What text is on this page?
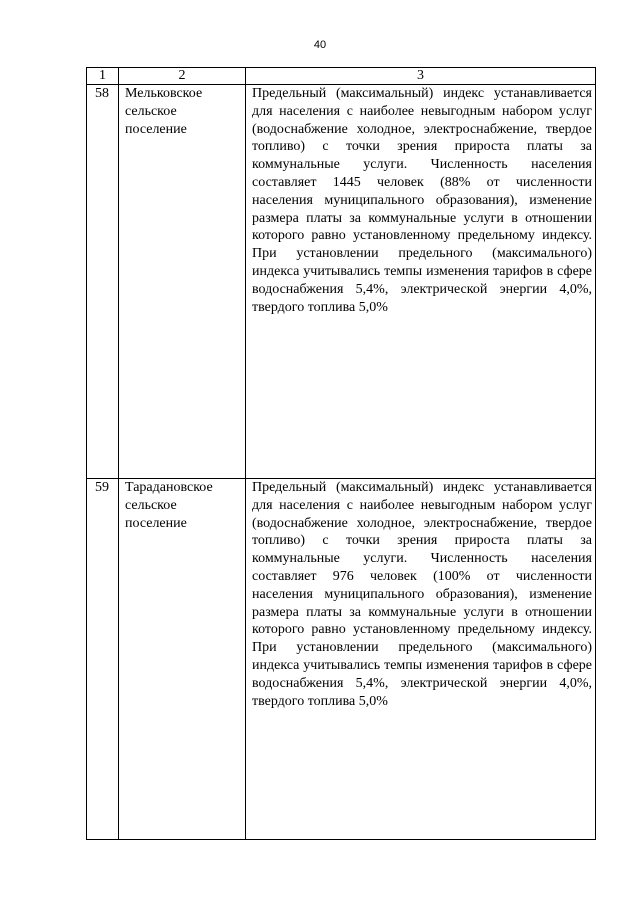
40
1	2	3
58	Мельковское сельское поселение	Предельный (максимальный) индекс устанавливается для населения с наиболее невыгодным набором услуг (водоснабжение холодное, электроснабжение, твердое топливо) с точки зрения прироста платы за коммунальные услуги. Численность населения составляет 1445 человек (88% от численности населения муниципального образования), изменение размера платы за коммунальные услуги в отношении которого равно установленному предельному индексу. При установлении предельного (максимального) индекса учитывались темпы изменения тарифов в сфере водоснабжения 5,4%, электрической энергии 4,0%, твердого топлива 5,0%
59	Тарадановское сельское поселение	Предельный (максимальный) индекс устанавливается для населения с наиболее невыгодным набором услуг (водоснабжение холодное, электроснабжение, твердое топливо) с точки зрения прироста платы за коммунальные услуги. Численность населения составляет 976 человек (100% от численности населения муниципального образования), изменение размера платы за коммунальные услуги в отношении которого равно установленному предельному индексу. При установлении предельного (максимального) индекса учитывались темпы изменения тарифов в сфере водоснабжения 5,4%, электрической энергии 4,0%, твердого топлива 5,0%
